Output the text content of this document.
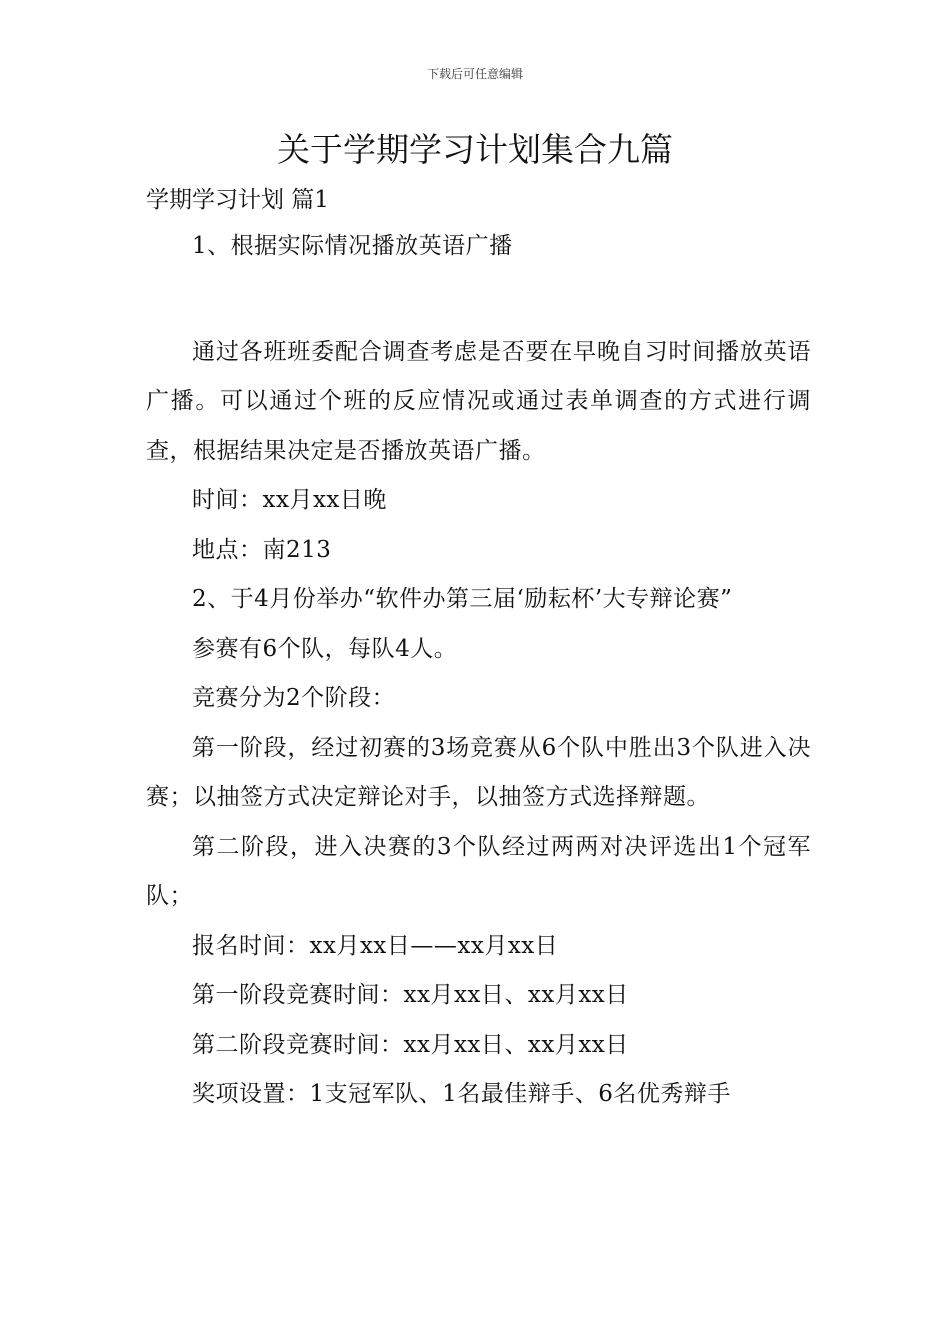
下载后可任意编辑
关于学期学习计划集合九篇

学期学习计划 篇1

1、根据实际情况播放英语广播

通过各班班委配合调查考虑是否要在早晚自习时间播放英语广播。可以通过个班的反应情况或通过表单调查的方式进行调查，根据结果决定是否播放英语广播。

时间：xx月xx日晚

地点：南213

2、于4月份举办“软件办第三届‘励耘杯’大专辩论赛”

参赛有6个队，每队4人。

竞赛分为2个阶段：

第一阶段，经过初赛的3场竞赛从6个队中胜出3个队进入决赛；以抽签方式决定辩论对手，以抽签方式选择辩题。

第二阶段，进入决赛的3个队经过两两对决评选出1个冠军队；

报名时间：xx月xx日——xx月xx日

第一阶段竞赛时间：xx月xx日、xx月xx日

第二阶段竞赛时间：xx月xx日、xx月xx日

奖项设置：1支冠军队、1名最佳辩手、6名优秀辩手
